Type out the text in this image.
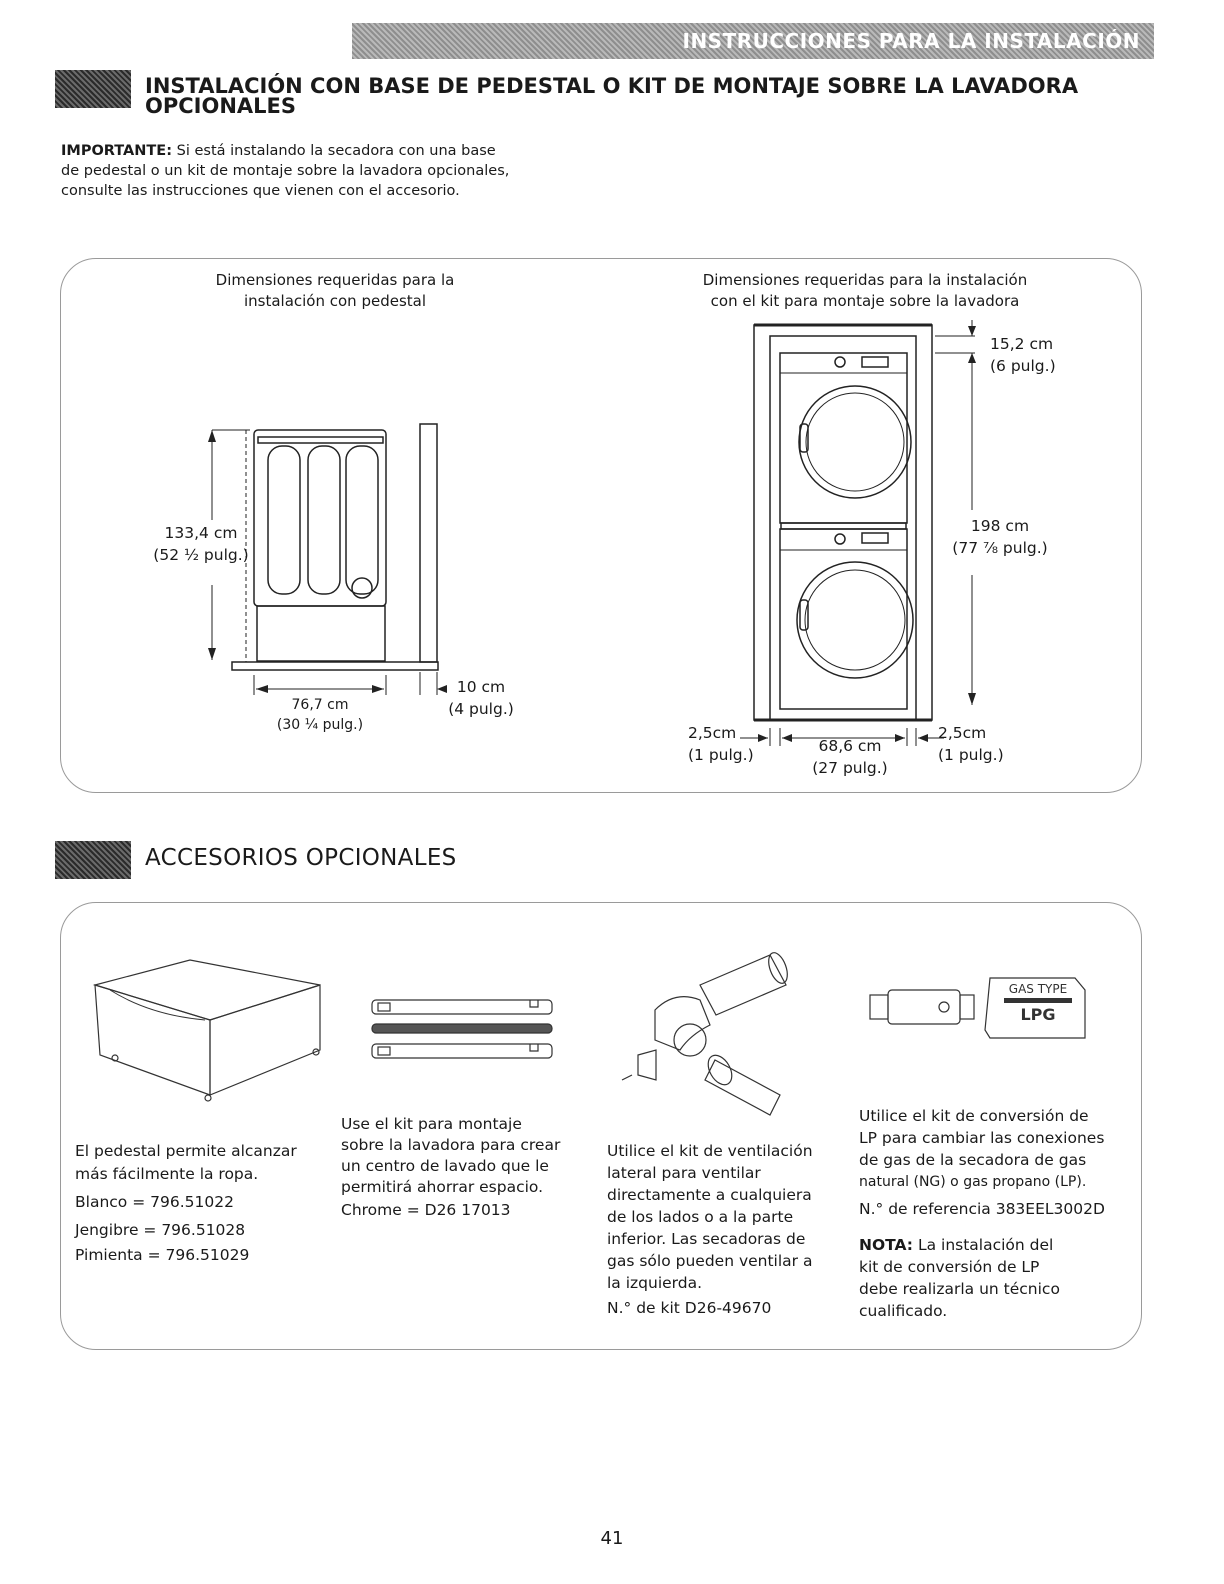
INSTRUCCIONES PARA LA INSTALACIÓN
INSTALACIÓN CON BASE DE PEDESTAL O KIT DE MONTAJE SOBRE LA LAVADORA
OPCIONALES
IMPORTANTE: Si está instalando la secadora con una base
de pedestal o un kit de montaje sobre la lavadora opcionales,
consulte las instrucciones que vienen con el accesorio.
Dimensiones requeridas para la
instalación con pedestal
Dimensiones requeridas para la instalación
con el kit para montaje sobre la lavadora
133,4 cm
(52 ½ pulg.)
76,7 cm
(30 ¼ pulg.)
10 cm
(4 pulg.)
15,2 cm
(6 pulg.)
198 cm
(77 ⅞ pulg.)
2,5cm
(1 pulg.)	68,6 cm
(27 pulg.)
2,5cm
(1 pulg.)
ACCESORIOS OPCIONALES
GAS TYPE
LPG
El pedestal permite alcanzar
más fácilmente la ropa.
Blanco = 796.51022
Jengibre = 796.51028
Pimienta = 796.51029
Use el kit para montaje
sobre la lavadora para crear
un centro de lavado que le
permitirá ahorrar espacio.
Chrome = D26 17013
Utilice el kit de ventilación
lateral para ventilar
directamente a cualquiera
de los lados o a la parte
inferior. Las secadoras de
gas sólo pueden ventilar a
la izquierda.
N.° de kit D26-49670
Utilice el kit de conversión de
LP para cambiar las conexiones
de gas de la secadora de gas
natural (NG) o gas propano (LP).
N.° de referencia 383EEL3002D
NOTA: La instalación del
kit de conversión de LP
debe realizarla un técnico
cualificado.
41
